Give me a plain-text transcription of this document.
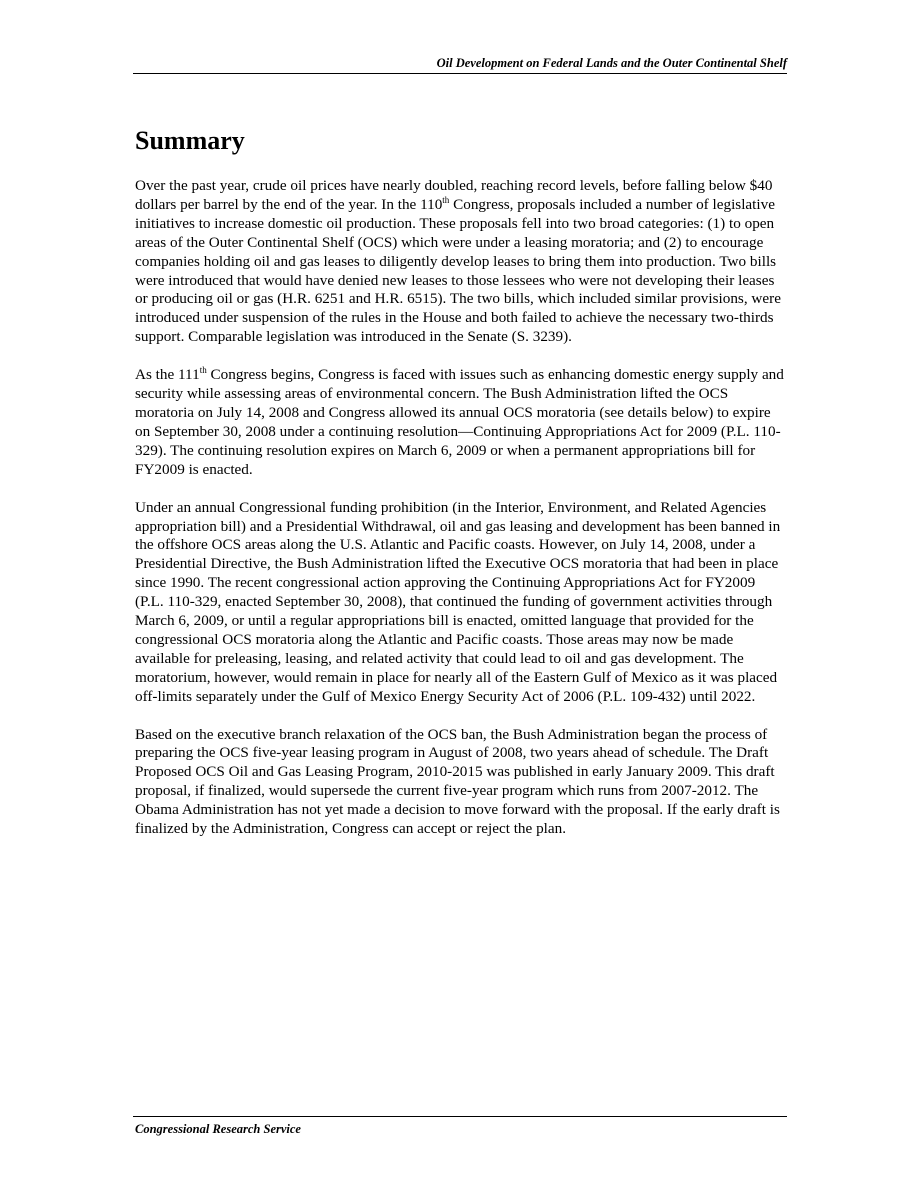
Oil Development on Federal Lands and the Outer Continental Shelf
Summary

Over the past year, crude oil prices have nearly doubled, reaching record levels, before falling below $40 dollars per barrel by the end of the year. In the 110th Congress, proposals included a number of legislative initiatives to increase domestic oil production. These proposals fell into two broad categories: (1) to open areas of the Outer Continental Shelf (OCS) which were under a leasing moratoria; and (2) to encourage companies holding oil and gas leases to diligently develop leases to bring them into production. Two bills were introduced that would have denied new leases to those lessees who were not developing their leases or producing oil or gas (H.R. 6251 and H.R. 6515). The two bills, which included similar provisions, were introduced under suspension of the rules in the House and both failed to achieve the necessary two-thirds support. Comparable legislation was introduced in the Senate (S. 3239).

As the 111th Congress begins, Congress is faced with issues such as enhancing domestic energy supply and security while assessing areas of environmental concern. The Bush Administration lifted the OCS moratoria on July 14, 2008 and Congress allowed its annual OCS moratoria (see details below) to expire on September 30, 2008 under a continuing resolution—Continuing Appropriations Act for 2009 (P.L. 110-329). The continuing resolution expires on March 6, 2009 or when a permanent appropriations bill for FY2009 is enacted.

Under an annual Congressional funding prohibition (in the Interior, Environment, and Related Agencies appropriation bill) and a Presidential Withdrawal, oil and gas leasing and development has been banned in the offshore OCS areas along the U.S. Atlantic and Pacific coasts. However, on July 14, 2008, under a Presidential Directive, the Bush Administration lifted the Executive OCS moratoria that had been in place since 1990. The recent congressional action approving the Continuing Appropriations Act for FY2009 (P.L. 110-329, enacted September 30, 2008), that continued the funding of government activities through March 6, 2009, or until a regular appropriations bill is enacted, omitted language that provided for the congressional OCS moratoria along the Atlantic and Pacific coasts. Those areas may now be made available for preleasing, leasing, and related activity that could lead to oil and gas development. The moratorium, however, would remain in place for nearly all of the Eastern Gulf of Mexico as it was placed off-limits separately under the Gulf of Mexico Energy Security Act of 2006 (P.L. 109-432) until 2022.

Based on the executive branch relaxation of the OCS ban, the Bush Administration began the process of preparing the OCS five-year leasing program in August of 2008, two years ahead of schedule. The Draft Proposed OCS Oil and Gas Leasing Program, 2010-2015 was published in early January 2009. This draft proposal, if finalized, would supersede the current five-year program which runs from 2007-2012. The Obama Administration has not yet made a decision to move forward with the proposal. If the early draft is finalized by the Administration, Congress can accept or reject the plan.

Congressional Research Service
